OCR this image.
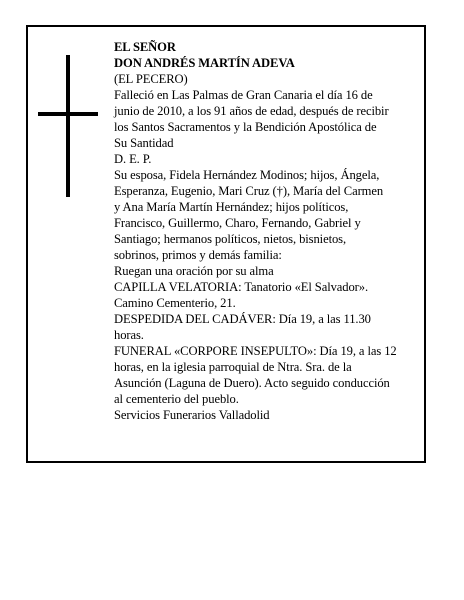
EL SEÑOR

DON ANDRÉS MARTÍN ADEVA

(EL PECERO)

Falleció en Las Palmas de Gran Canaria el día 16 de
junio de 2010, a los 91 años de edad, después de recibir
los Santos Sacramentos y la Bendición Apostólica de
Su Santidad

D. E. P.

Su esposa, Fidela Hernández Modinos; hijos, Ángela,
Esperanza, Eugenio, Mari Cruz (†), María del Carmen
y Ana María Martín Hernández; hijos políticos,
Francisco, Guillermo, Charo, Fernando, Gabriel y
Santiago; hermanos políticos, nietos, bisnietos,
sobrinos, primos y demás familia:

Ruegan una oración por su alma

CAPILLA VELATORIA: Tanatorio «El Salvador».
Camino Cementerio, 21.

DESPEDIDA DEL CADÁVER: Día 19, a las 11.30
horas.

FUNERAL «CORPORE INSEPULTO»: Día 19, a las 12
horas, en la iglesia parroquial de Ntra. Sra. de la
Asunción (Laguna de Duero). Acto seguido conducción
al cementerio del pueblo.

Servicios Funerarios Valladolid
